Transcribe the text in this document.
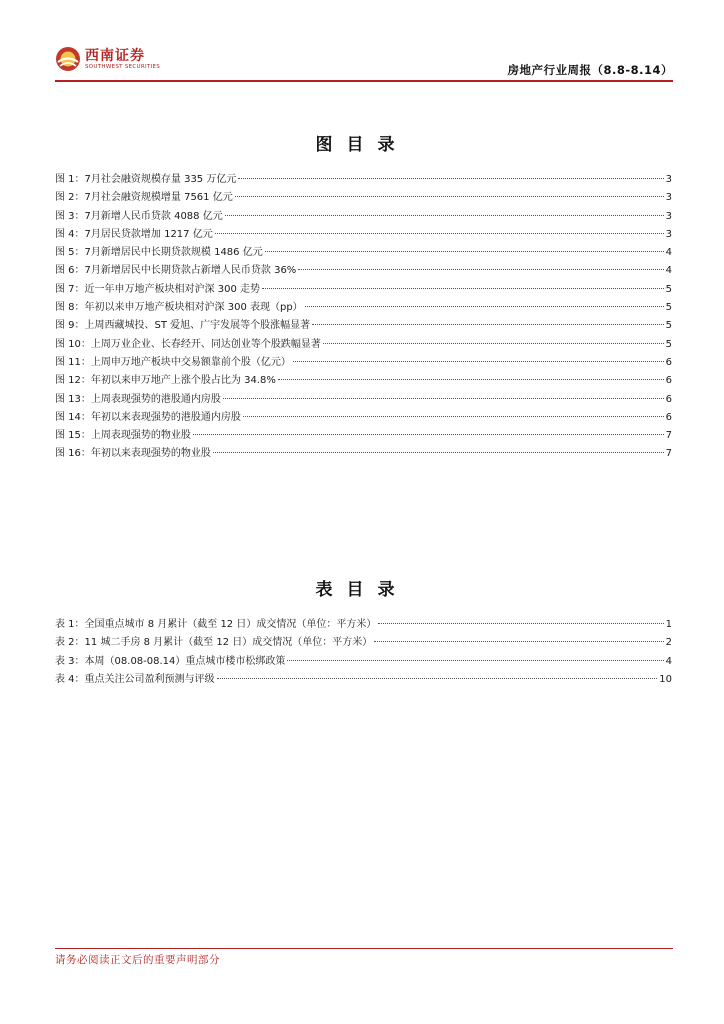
西南证券
SOUTHWEST SECURITIES	房地产行业周报（8.8-8.14）
图目录
图 1：7月社会融资规模存量 335 万亿元	3
图 2：7月社会融资规模增量 7561 亿元	3
图 3：7月新增人民币贷款 4088 亿元	3
图 4：7月居民贷款增加 1217 亿元	3
图 5：7月新增居民中长期贷款规模 1486 亿元	4
图 6：7月新增居民中长期贷款占新增人民币贷款 36%	4
图 7：近一年申万地产板块相对沪深 300 走势	5
图 8：年初以来申万地产板块相对沪深 300 表现（pp）	5
图 9：上周西藏城投、ST 爱旭、广宇发展等个股涨幅显著	5
图 10：上周万业企业、长春经开、同达创业等个股跌幅显著	5
图 11：上周申万地产板块中交易额靠前个股（亿元）	6
图 12：年初以来申万地产上涨个股占比为 34.8%	6
图 13：上周表现强势的港股通内房股	6
图 14：年初以来表现强势的港股通内房股	6
图 15：上周表现强势的物业股	7
图 16：年初以来表现强势的物业股	7
表目录
表 1：全国重点城市 8 月累计（截至 12 日）成交情况（单位：平方米）	1
表 2：11 城二手房 8 月累计（截至 12 日）成交情况（单位：平方米）	2
表 3：本周（08.08-08.14）重点城市楼市松绑政策	4
表 4：重点关注公司盈利预测与评级	10
请务必阅读正文后的重要声明部分
